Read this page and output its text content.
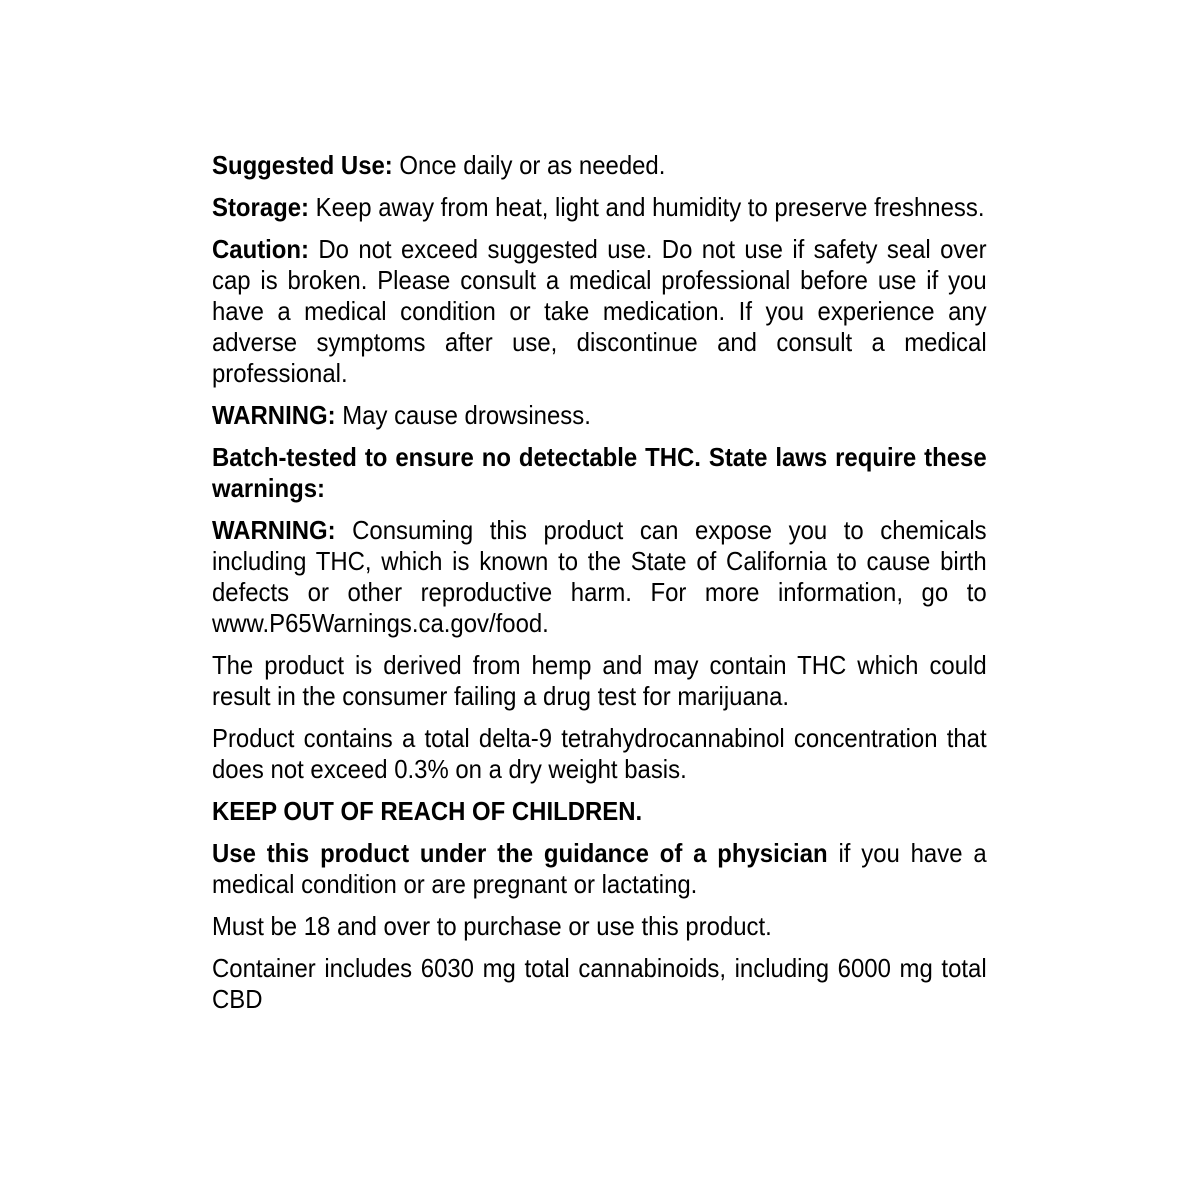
Suggested Use: Once daily or as needed.

Storage: Keep away from heat, light and humidity to preserve freshness.

Caution: Do not exceed suggested use. Do not use if safety seal over cap is broken. Please consult a medical professional before use if you have a medical condition or take medication. If you experience any adverse symptoms after use, discontinue and consult a medical professional.

WARNING: May cause drowsiness.

Batch-tested to ensure no detectable THC. State laws require these warnings:

WARNING: Consuming this product can expose you to chemicals including THC, which is known to the State of California to cause birth defects or other reproductive harm. For more information, go to www.P65Warnings.ca.gov/food.

The product is derived from hemp and may contain THC which could result in the consumer failing a drug test for marijuana.

Product contains a total delta-9 tetrahydrocannabinol concentration that does not exceed 0.3% on a dry weight basis.

KEEP OUT OF REACH OF CHILDREN.

Use this product under the guidance of a physician if you have a medical condition or are pregnant or lactating.

Must be 18 and over to purchase or use this product.

Container includes 6030 mg total cannabinoids, including 6000 mg total CBD
